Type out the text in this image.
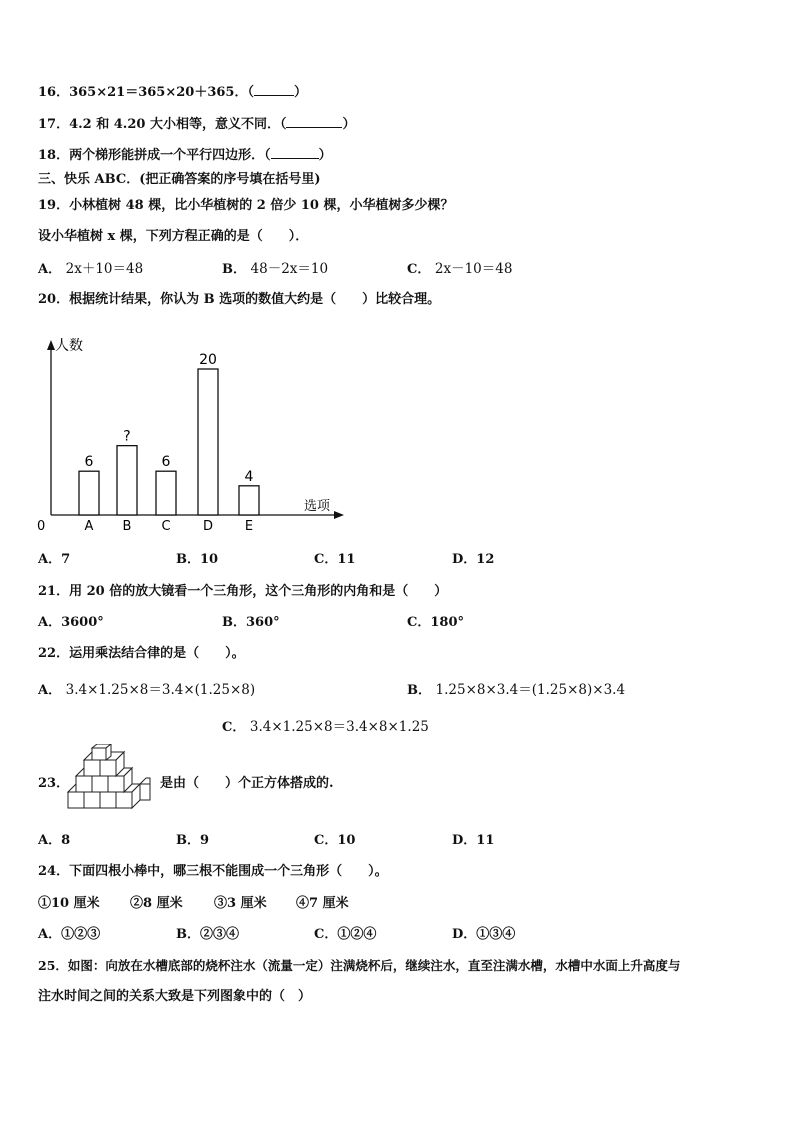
16．365×21＝365×20＋365．（	）
17．4.2 和 4.20 大小相等，意义不同．（	）
18．两个梯形能拼成一个平行四边形．（	）
三、快乐 ABC．(把正确答案的序号填在括号里)
19．小林植树 48 棵，比小华植树的 2 倍少 10 棵，小华植树多少棵？
设小华植树 x 棵，下列方程正确的是（　　）．
A． 2x＋10＝48	B． 48－2x＝10	C． 2x－10＝48
20．根据统计结果，你认为 B 选项的数值大约是（　　）比较合理。
人数
选项
0
6
A
?
B
6
C
20
D
4
E
A．7	B．10	C．11	D．12
21．用 20 倍的放大镜看一个三角形，这个三角形的内角和是（　　）
A．3600°	B．360°	C．180°
22．运用乘法结合律的是（　　）。
A． 3.4×1.25×8＝3.4×(1.25×8)	B． 1.25×8×3.4＝(1.25×8)×3.4
C． 3.4×1.25×8＝3.4×8×1.25
23．	是由（　　）个正方体搭成的.
A．8	B．9	C．10	D．11
24．下面四根小棒中，哪三根不能围成一个三角形（　　）。
①10 厘米 ②8 厘米 ③3 厘米 ④7 厘米
A．①②③	B．②③④	C．①②④	D．①③④
25．如图：向放在水槽底部的烧杯注水（流量一定）注满烧杯后，继续注水，直至注满水槽，水槽中水面上升高度与
注水时间之间的关系大致是下列图象中的（　）
